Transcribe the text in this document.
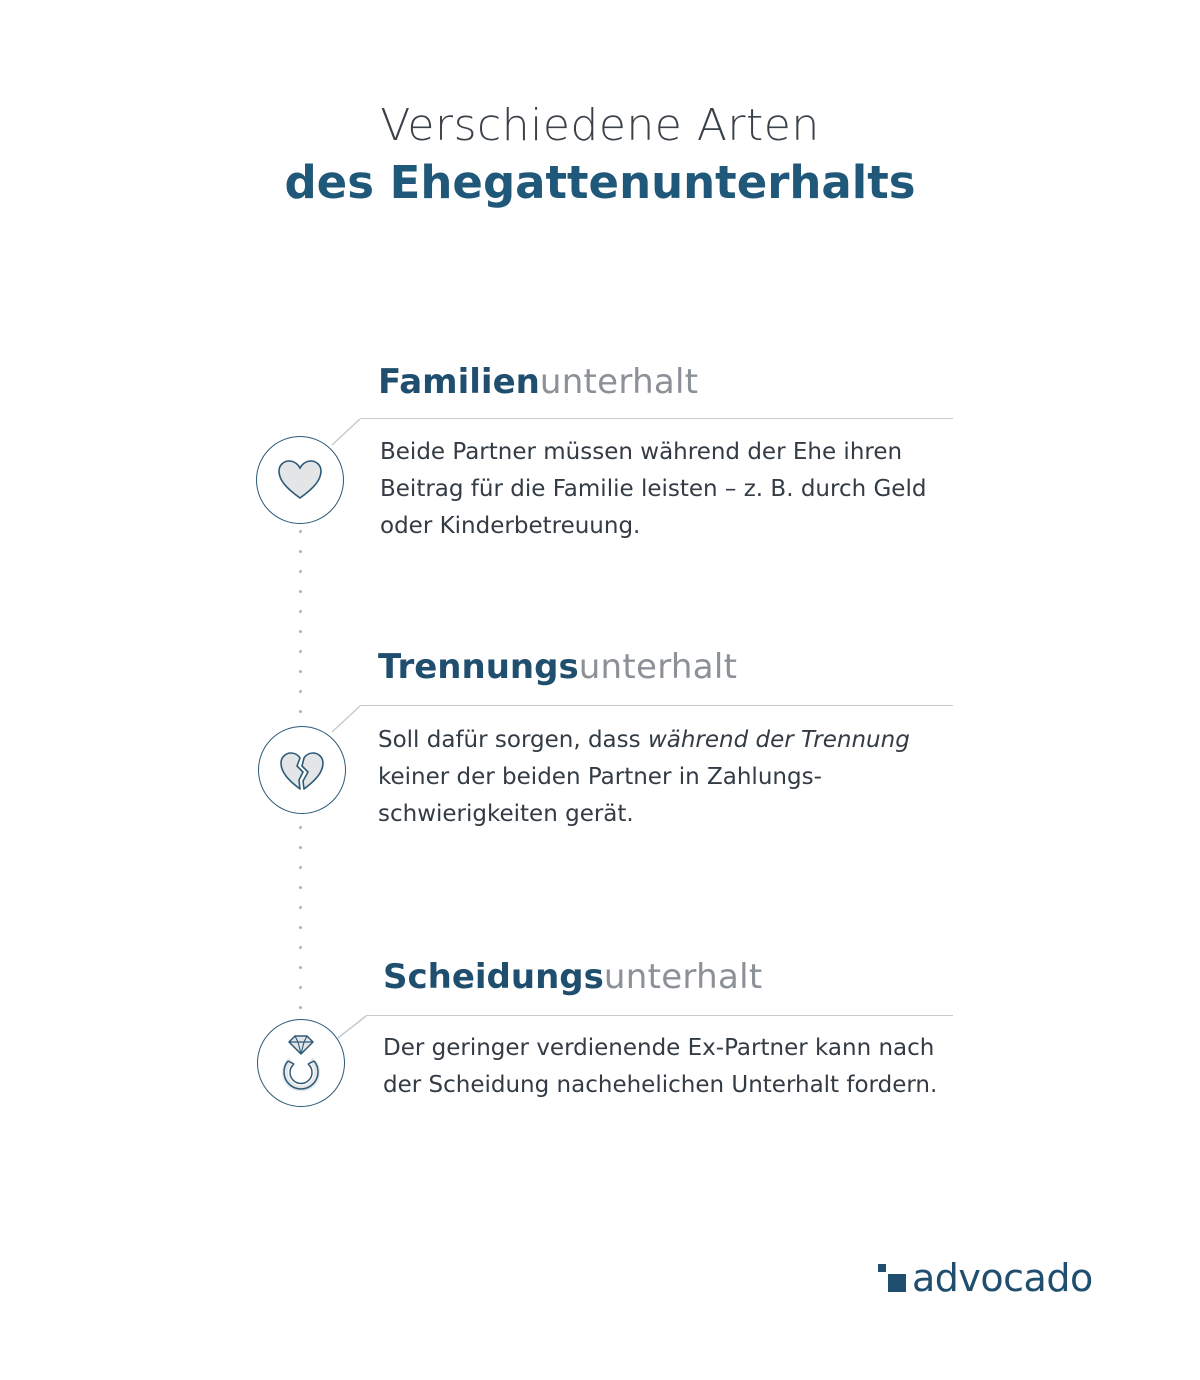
Verschiedene Arten
des Ehegattenunterhalts
Familienunterhalt

Beide Partner müssen während der Ehe ihren Beitrag für die Familie leisten – z. B. durch Geld oder Kinderbetreuung.

Trennungsunterhalt

Soll dafür sorgen, dass während der Trennung keiner der beiden Partner in Zahlungs-schwierigkeiten gerät.

Scheidungsunterhalt

Der geringer verdienende Ex-Partner kann nach der Scheidung nachehelichen Unterhalt fordern.

advocado
